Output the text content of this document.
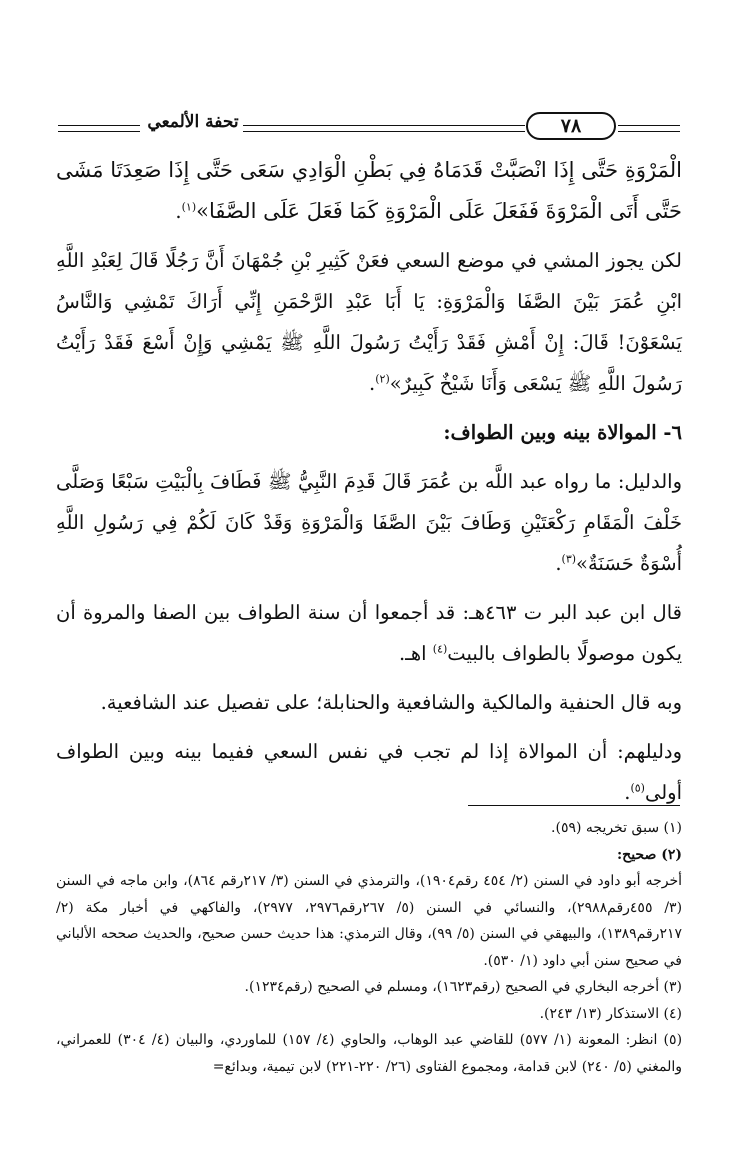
تحفة الألمعي	٧٨

الْمَرْوَةِ حَتَّى إِذَا انْصَبَّتْ قَدَمَاهُ فِي بَطْنِ الْوَادِي سَعَى حَتَّى إِذَا صَعِدَتَا مَشَى حَتَّى أَتَى الْمَرْوَةَ فَفَعَلَ عَلَى الْمَرْوَةِ كَمَا فَعَلَ عَلَى الصَّفَا»$^{(١)}$.

لكن يجوز المشي في موضع السعي فعَنْ كَثِيرِ بْنِ جُمْهَانَ أَنَّ رَجُلًا قَالَ لِعَبْدِ اللَّهِ ابْنِ عُمَرَ بَيْنَ الصَّفَا وَالْمَرْوَةِ: يَا أَبَا عَبْدِ الرَّحْمَنِ إِنِّي أَرَاكَ تَمْشِي وَالنَّاسُ يَسْعَوْنَ! قَالَ: إِنْ أَمْشِ فَقَدْ رَأَيْتُ رَسُولَ اللَّهِ ﷺ يَمْشِي وَإِنْ أَسْعَ فَقَدْ رَأَيْتُ رَسُولَ اللَّهِ ﷺ يَسْعَى وَأَنَا شَيْخٌ كَبِيرٌ»$^{(٢)}$.

٦- الموالاة بينه وبين الطواف:

والدليل: ما رواه عبد اللَّه بن عُمَرَ قَالَ قَدِمَ النَّبِيُّ ﷺ فَطَافَ بِالْبَيْتِ سَبْعًا وَصَلَّى خَلْفَ الْمَقَامِ رَكْعَتَيْنِ وَطَافَ بَيْنَ الصَّفَا وَالْمَرْوَةِ وَقَدْ كَانَ لَكُمْ فِي رَسُولِ اللَّهِ أُسْوَةٌ حَسَنَةٌ»$^{(٣)}$.

قال ابن عبد البر ت ٤٦٣هـ: قد أجمعوا أن سنة الطواف بين الصفا والمروة أن يكون موصولًا بالطواف بالبيت$^{(٤)}$ اهـ.

وبه قال الحنفية والمالكية والشافعية والحنابلة؛ على تفصيل عند الشافعية.

ودليلهم: أن الموالاة إذا لم تجب في نفس السعي ففيما بينه وبين الطواف أولى$^{(٥)}$.

(١) سبق تخريجه (٥٩).
(٢) صحيح:
أخرجه أبو داود في السنن (٢/ ٤٥٤ رقم١٩٠٤)، والترمذي في السنن (٣/ ٢١٧رقم ٨٦٤)، وابن ماجه في السنن (٣/ ٤٥٥رقم٢٩٨٨)، والنسائي في السنن (٥/ ٢٦٧رقم٢٩٧٦، ٢٩٧٧)، والفاكهي في أخبار مكة (٢/ ٢١٧رقم١٣٨٩)، والبيهقي في السنن (٥/ ٩٩)، وقال الترمذي: هذا حديث حسن صحيح، والحديث صححه الألباني في صحيح سنن أبي داود (١/ ٥٣٠).
(٣) أخرجه البخاري في الصحيح (رقم١٦٢٣)، ومسلم في الصحيح (رقم١٢٣٤).
(٤) الاستذكار (١٣/ ٢٤٣).
(٥) انظر: المعونة (١/ ٥٧٧) للقاضي عبد الوهاب، والحاوي (٤/ ١٥٧) للماوردي، والبيان (٤/ ٣٠٤) للعمراني، والمغني (٥/ ٢٤٠) لابن قدامة، ومجموع الفتاوى (٢٦/ ٢٢٠-٢٢١) لابن تيمية، وبدائع=
